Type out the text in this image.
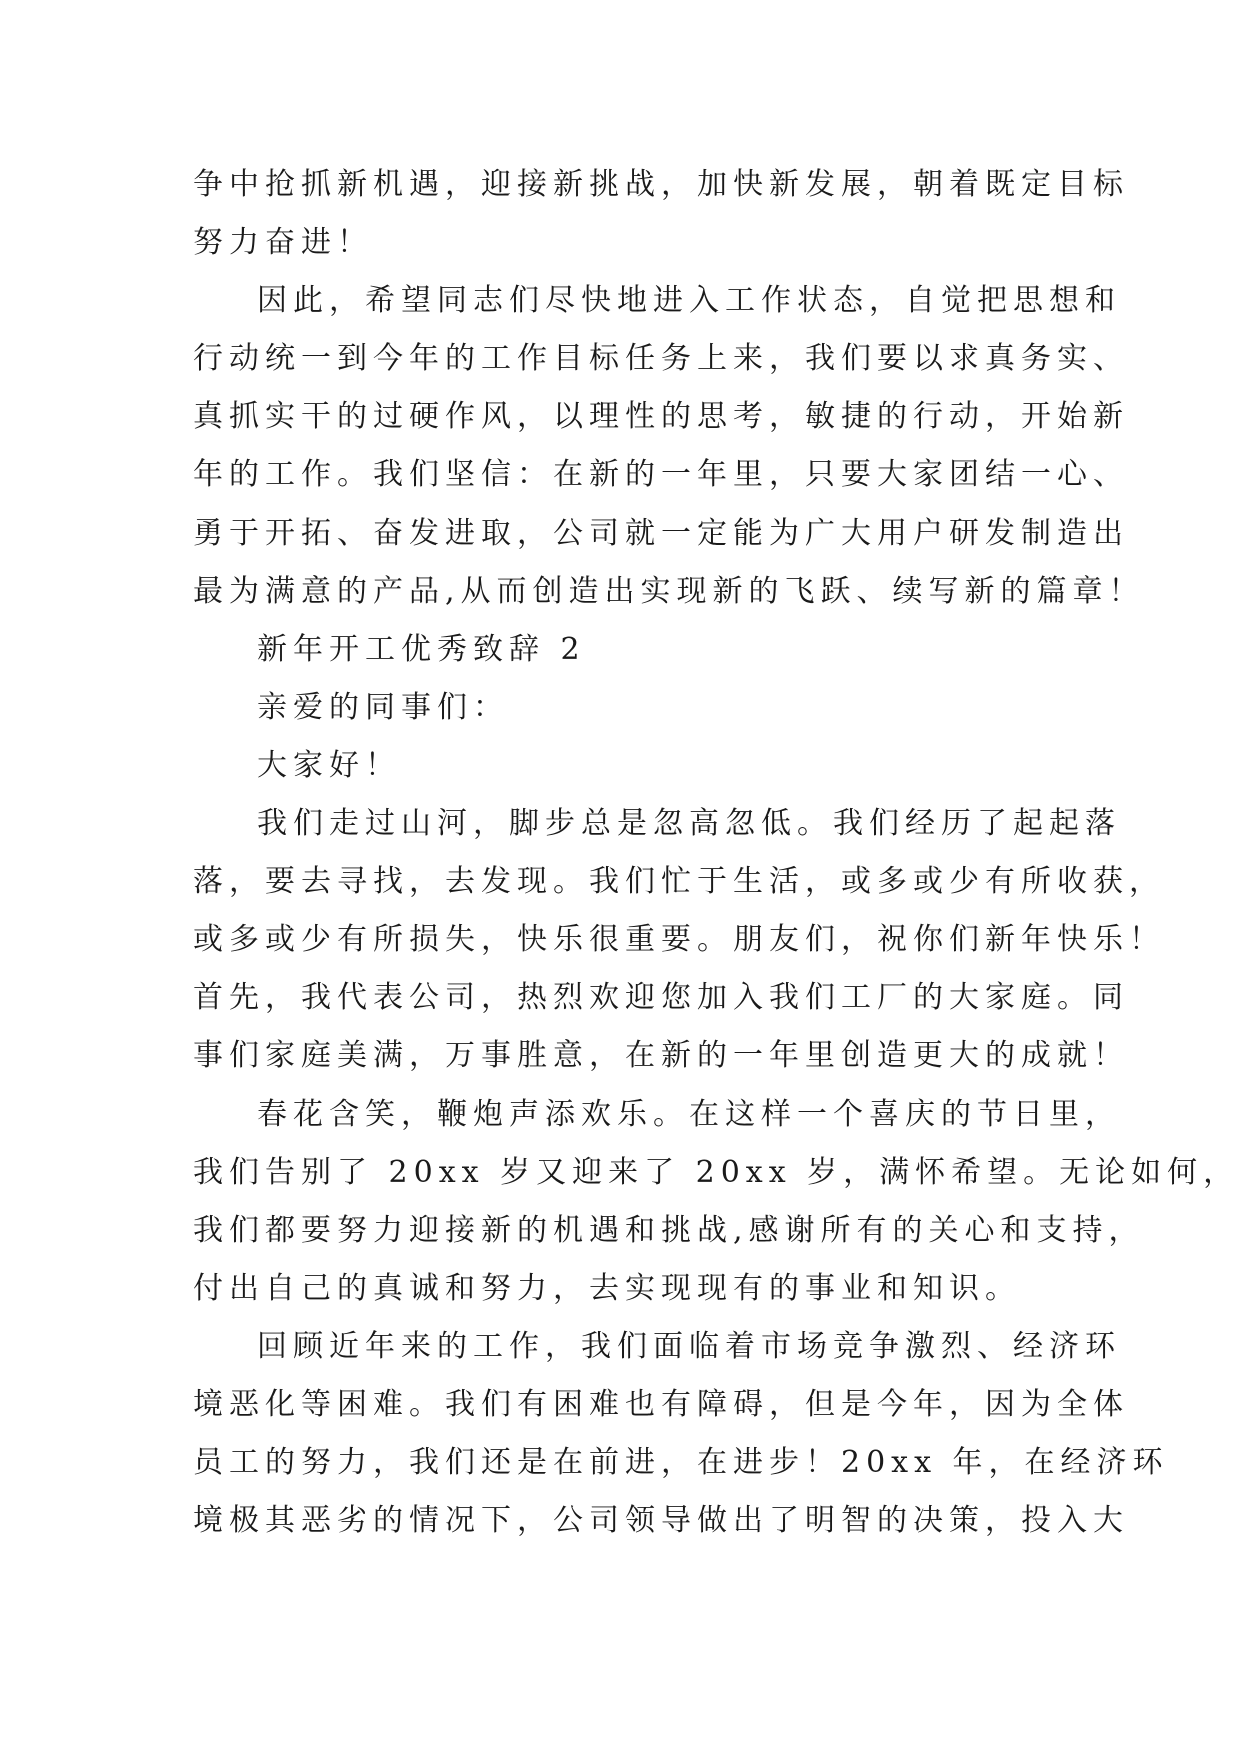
争中抢抓新机遇，迎接新挑战，加快新发展，朝着既定目标
努力奋进！
因此，希望同志们尽快地进入工作状态，自觉把思想和
行动统一到今年的工作目标任务上来，我们要以求真务实、
真抓实干的过硬作风，以理性的思考，敏捷的行动，开始新
年的工作。我们坚信：在新的一年里，只要大家团结一心、
勇于开拓、奋发进取，公司就一定能为广大用户研发制造出
最为满意的产品,从而创造出实现新的飞跃、续写新的篇章！
新年开工优秀致辞 2
亲爱的同事们：
大家好！
我们走过山河，脚步总是忽高忽低。我们经历了起起落
落，要去寻找，去发现。我们忙于生活，或多或少有所收获，
或多或少有所损失，快乐很重要。朋友们，祝你们新年快乐！
首先，我代表公司，热烈欢迎您加入我们工厂的大家庭。同
事们家庭美满，万事胜意，在新的一年里创造更大的成就！
春花含笑，鞭炮声添欢乐。在这样一个喜庆的节日里，
我们告别了 20xx 岁又迎来了 20xx 岁，满怀希望。无论如何，
我们都要努力迎接新的机遇和挑战,感谢所有的关心和支持，
付出自己的真诚和努力，去实现现有的事业和知识。
回顾近年来的工作，我们面临着市场竞争激烈、经济环
境恶化等困难。我们有困难也有障碍，但是今年，因为全体
员工的努力，我们还是在前进，在进步！20xx 年，在经济环
境极其恶劣的情况下，公司领导做出了明智的决策，投入大
